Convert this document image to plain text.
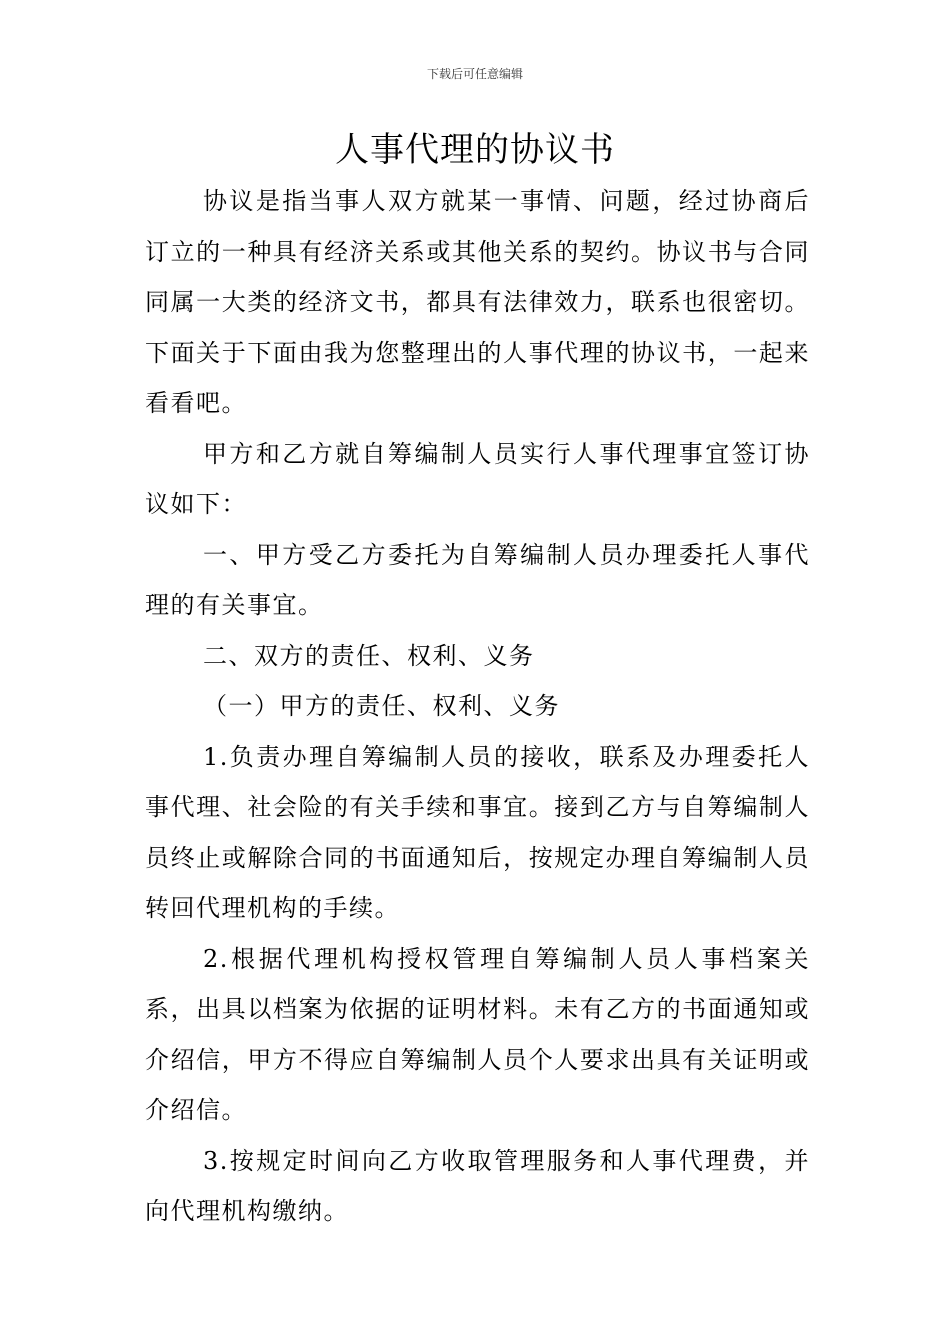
下载后可任意编辑
人事代理的协议书

协议是指当事人双方就某一事情、问题，经过协商后订立的一种具有经济关系或其他关系的契约。协议书与合同同属一大类的经济文书，都具有法律效力，联系也很密切。下面关于下面由我为您整理出的人事代理的协议书，一起来看看吧。

甲方和乙方就自筹编制人员实行人事代理事宜签订协议如下：

一、甲方受乙方委托为自筹编制人员办理委托人事代理的有关事宜。

二、双方的责任、权利、义务

（一）甲方的责任、权利、义务

1.负责办理自筹编制人员的接收，联系及办理委托人事代理、社会险的有关手续和事宜。接到乙方与自筹编制人员终止或解除合同的书面通知后，按规定办理自筹编制人员转回代理机构的手续。

2.根据代理机构授权管理自筹编制人员人事档案关系，出具以档案为依据的证明材料。未有乙方的书面通知或介绍信，甲方不得应自筹编制人员个人要求出具有关证明或介绍信。

3.按规定时间向乙方收取管理服务和人事代理费，并向代理机构缴纳。
